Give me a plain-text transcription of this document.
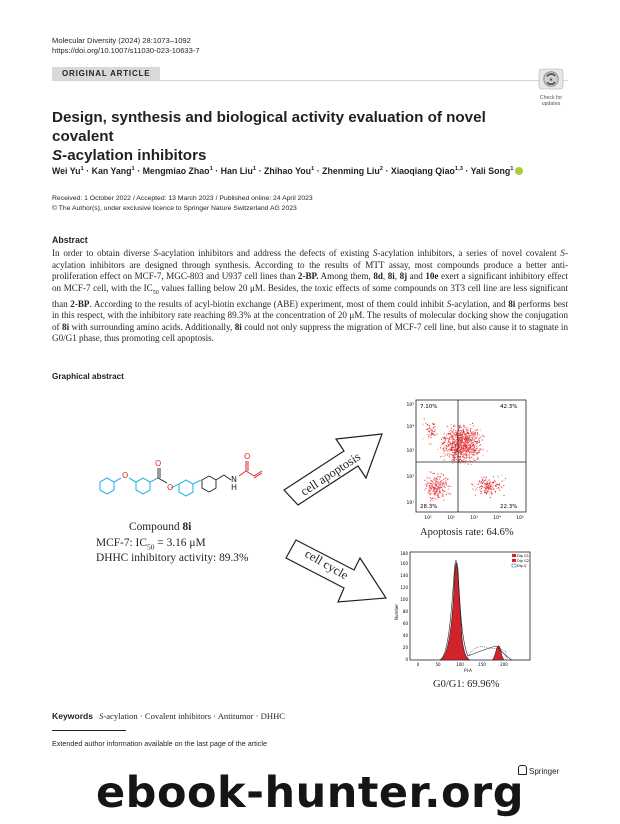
Molecular Diversity (2024) 28:1073–1092
https://doi.org/10.1007/s11030-023-10633-7
ORIGINAL ARTICLE
Check for
updates
Design, synthesis and biological activity evaluation of novel covalent
S-acylation inhibitors
Wei $Yu^1$ · Kan Yang$^1$ · Mengmiao Zhao$^1$ · Han Liu$^1$ · Zhihao You$^1$ · Zhenming Liu$^2$ · Xiaoqiang Qiao$^{1,3}$ · Yali Song$^1$
Received: 1 October 2022 / Accepted: 13 March 2023 / Published online: 24 April 2023
© The Author(s), under exclusive licence to Springer Nature Switzerland AG 2023
Abstract
In order to obtain diverse S-acylation inhibitors and address the defects of existing S-acylation inhibitors, a series of novel covalent S-acylation inhibitors are designed through synthesis. According to the results of MTT assay, most compounds produce a better anti-proliferation effect on MCF-7, MGC-803 and U937 cell lines than 2-BP. Among them, 8d, 8i, 8j and 10e exert a significant inhibitory effect on MCF-7 cell, with the $IC_{50}$ values falling below 20 μM. Besides, the toxic effects of some compounds on 3T3 cell line are less significant than 2-BP. According to the results of acyl-biotin exchange (ABE) experiment, most of them could inhibit S-acylation, and 8i performs best in this respect, with the inhibitory rate reaching 89.3% at the concentration of 20 μM. The results of molecular docking show the conjugation of 8i with surrounding amino acids. Additionally, 8i could not only suppress the migration of MCF-7 cell line, but also cause it to stagnate in G0/G1 phase, thus promoting cell apoptosis.
Graphical abstract
O
O
O
O
N
H
Compound 8i
MCF-7: $IC_{50} = 3.16$ μM
DHHC inhibitory activity: 89.3%
cell apoptosis
cell cycle
7.10%	42.3%
28.3%	22.3%
10¹
10²
10³
10⁴
10⁵
10¹	10²	10³	10⁴	10⁵
Apoptosis rate: 64.6%
Dip G1
Dip G2
Dip S
0
20
40
60
80
100
120
140
160
180
0	50	100	150	200
PI-A
Number
G0/G1: 69.96%
Keywords S-acylation · Covalent inhibitors · Antitumor · DHHC
Extended author information available on the last page of the article
Springer
ebook-hunter.org
